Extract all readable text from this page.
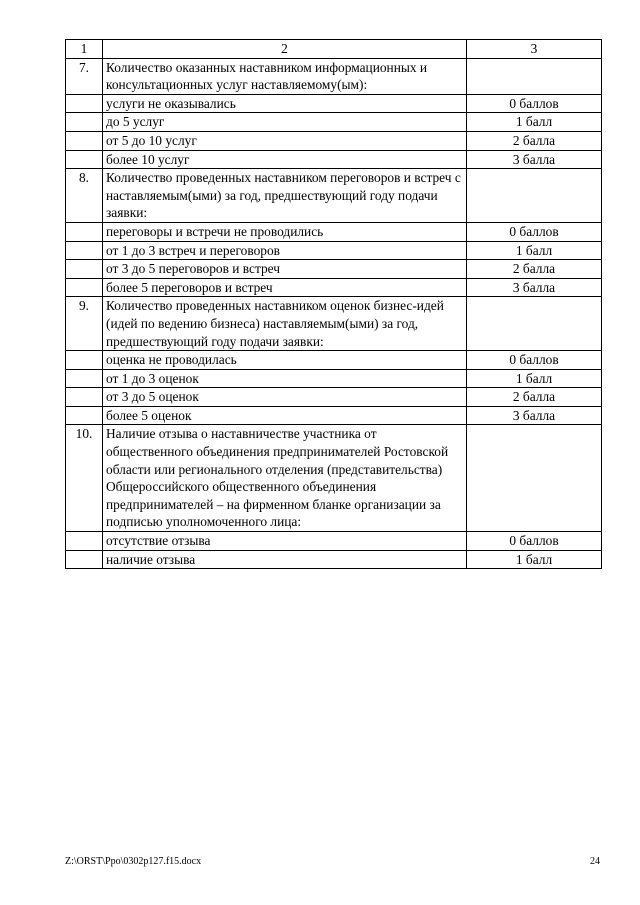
1	2	3
7.	Количество оказанных наставником информационных и консультационных услуг наставляемому(ым):	
	услуги не оказывались	0 баллов
	до 5 услуг	1 балл
	от 5 до 10 услуг	2 балла
	более 10 услуг	3 балла
8.	Количество проведенных наставником переговоров и встреч с наставляемым(ыми) за год, предшествующий году подачи заявки:	
	переговоры и встречи не проводились	0 баллов
	от 1 до 3 встреч и переговоров	1 балл
	от 3 до 5 переговоров и встреч	2 балла
	более 5 переговоров и встреч	3 балла
9.	Количество проведенных наставником оценок бизнес-идей (идей по ведению бизнеса) наставляемым(ыми) за год, предшествующий году подачи заявки:	
	оценка не проводилась	0 баллов
	от 1 до 3 оценок	1 балл
	от 3 до 5 оценок	2 балла
	более 5 оценок	3 балла
10.	Наличие отзыва о наставничестве участника от общественного объединения предпринимателей Ростовской области или регионального отделения (представительства) Общероссийского общественного объединения предпринимателей – на фирменном бланке организации за подписью уполномоченного лица:	
	отсутствие отзыва	0 баллов
	наличие отзыва	1 балл
Z:\ORST\Ppo\0302p127.f15.docx	24
